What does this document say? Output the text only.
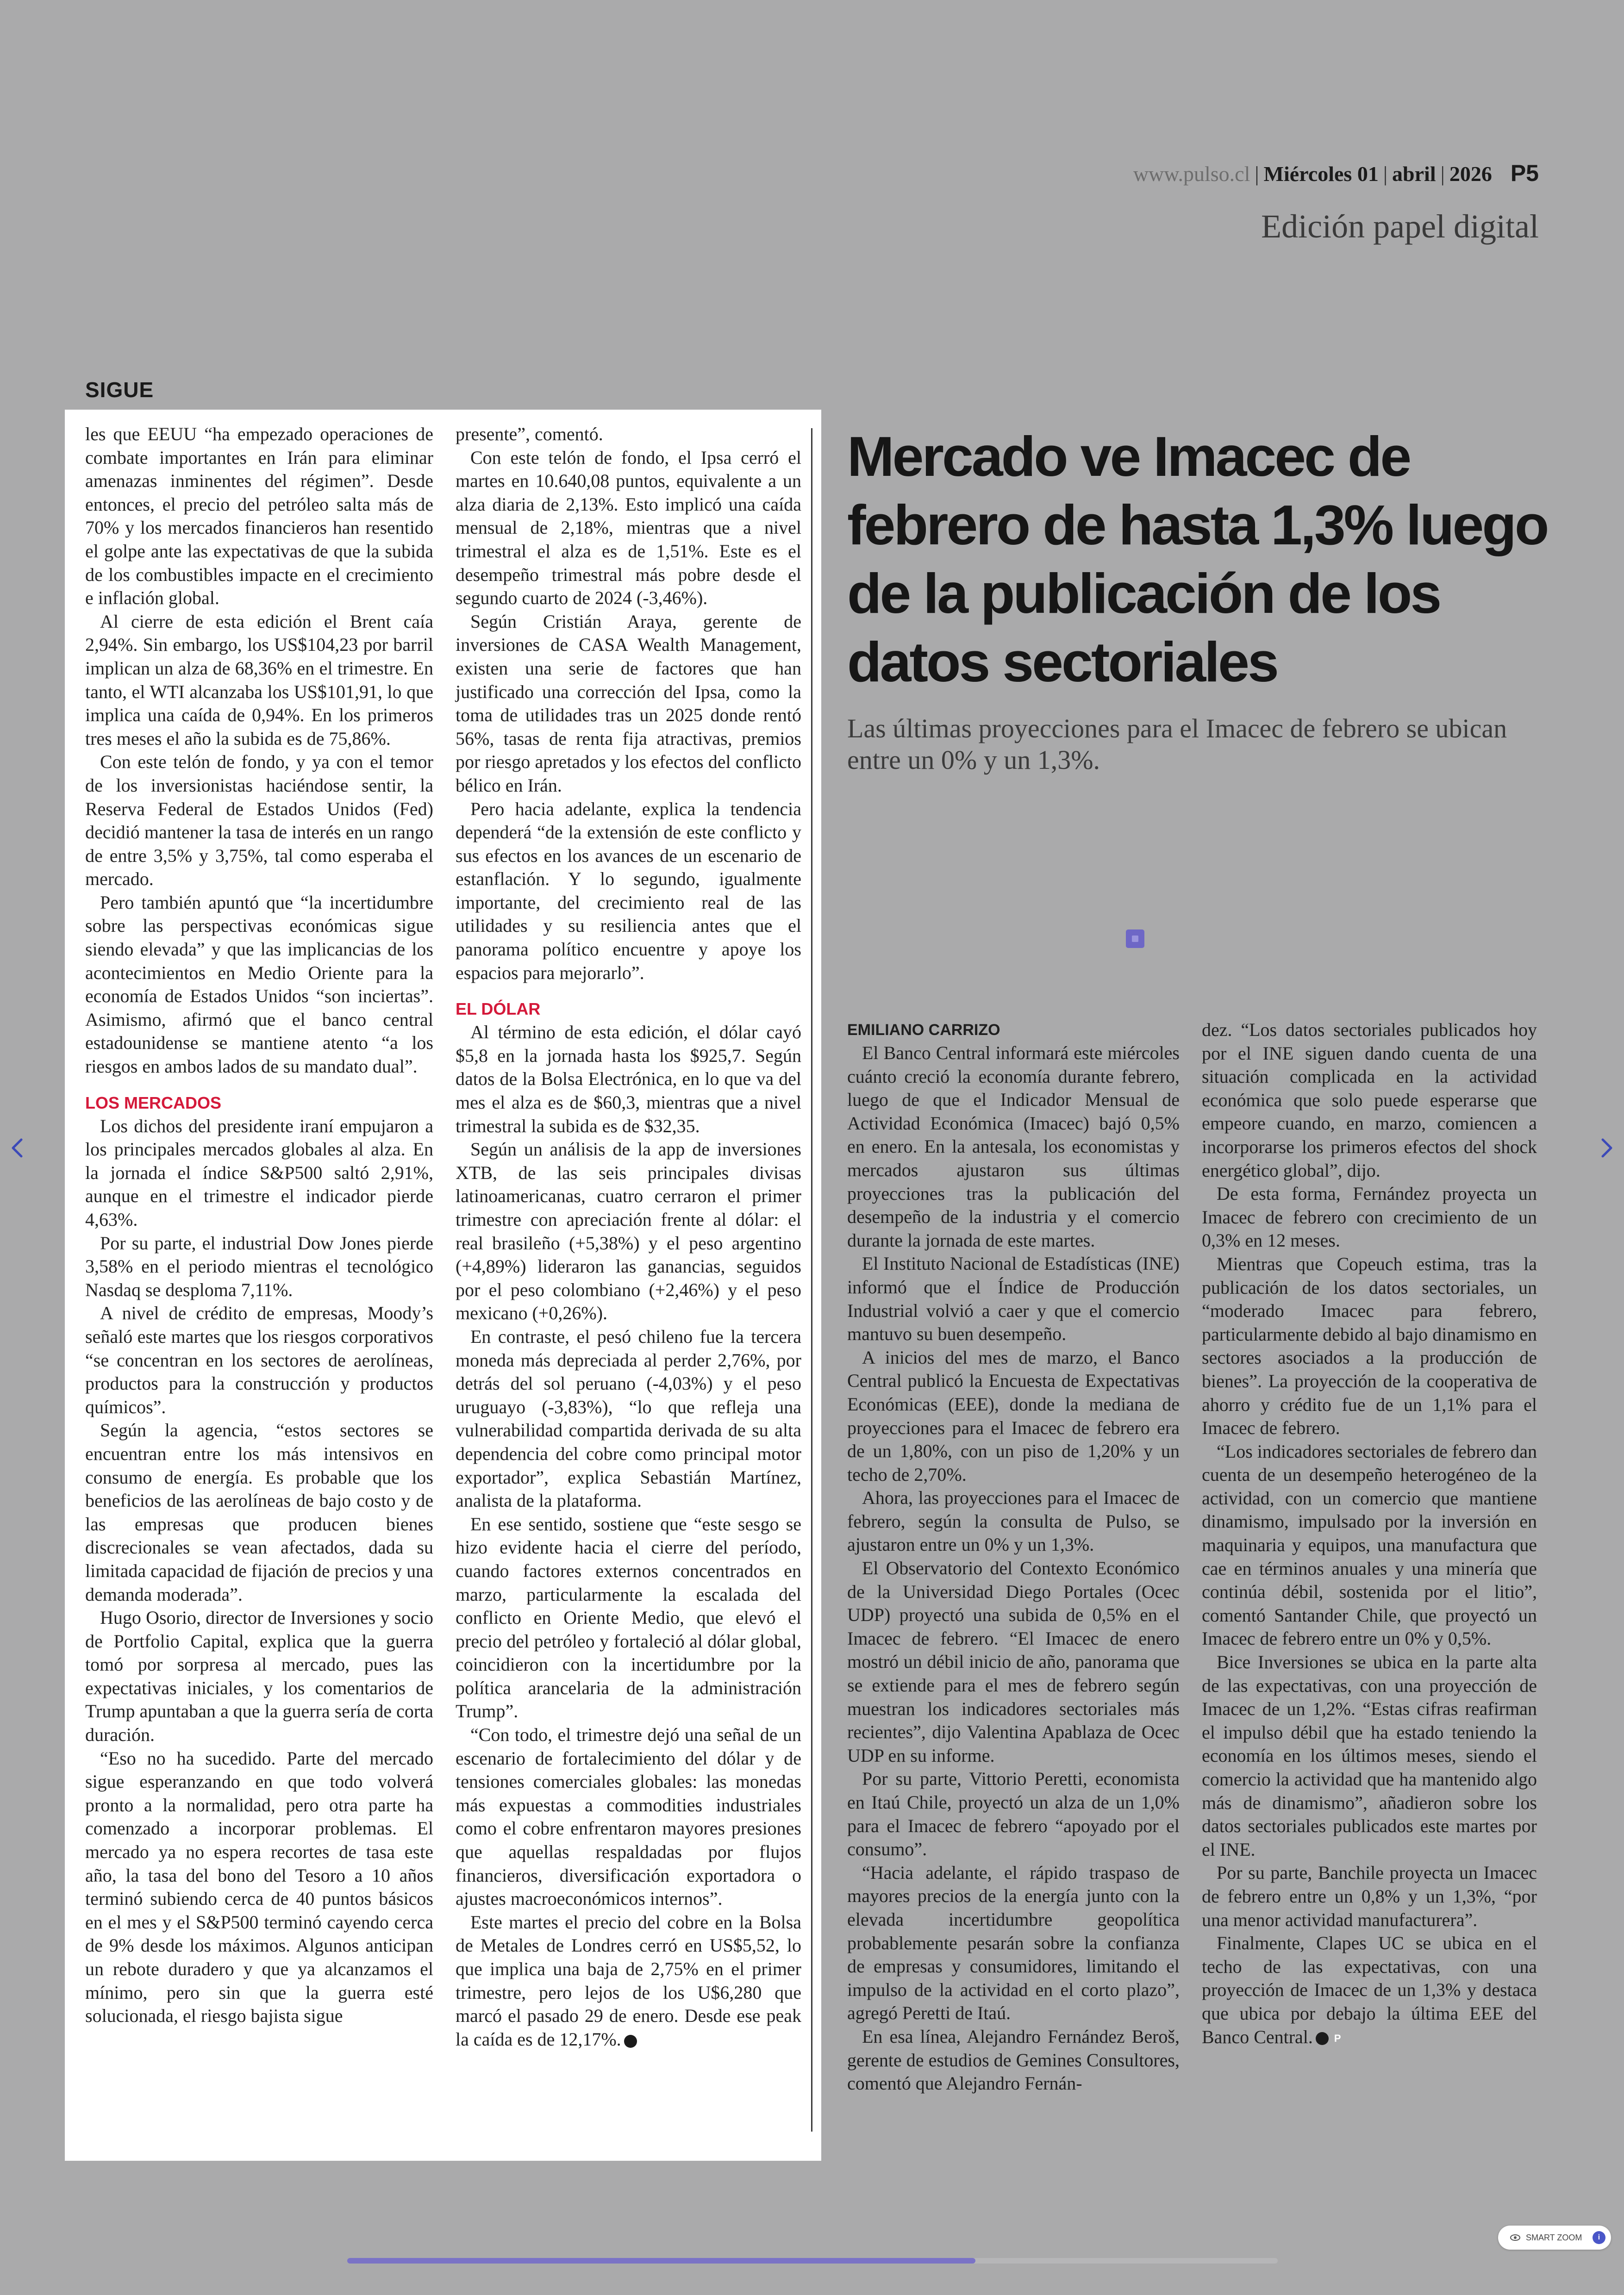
www.pulso.cl | Miércoles 01 | abril | 2026 P5
Edición papel digital
SIGUE

les que EEUU “ha empezado operaciones de combate importantes en Irán para eliminar amenazas inminentes del régimen”. Desde entonces, el precio del petróleo salta más de 70% y los mercados financieros han resentido el golpe ante las expectativas de que la subida de los combustibles impacte en el crecimiento e inflación global.

Al cierre de esta edición el Brent caía 2,94%. Sin embargo, los US$104,23 por barril implican un alza de 68,36% en el trimestre. En tanto, el WTI alcanzaba los US$101,91, lo que implica una caída de 0,94%. En los primeros tres meses el año la subida es de 75,86%.

Con este telón de fondo, y ya con el temor de los inversionistas haciéndose sentir, la Reserva Federal de Estados Unidos (Fed) decidió mantener la tasa de interés en un rango de entre 3,5% y 3,75%, tal como esperaba el mercado.

Pero también apuntó que “la incertidumbre sobre las perspectivas económicas sigue siendo elevada” y que las implicancias de los acontecimientos en Medio Oriente para la economía de Estados Unidos “son inciertas”. Asimismo, afirmó que el banco central estadounidense se mantiene atento “a los riesgos en ambos lados de su mandato dual”.

LOS MERCADOS

Los dichos del presidente iraní empujaron a los principales mercados globales al alza. En la jornada el índice S&P500 saltó 2,91%, aunque en el trimestre el indicador pierde 4,63%.

Por su parte, el industrial Dow Jones pierde 3,58% en el periodo mientras el tecnológico Nasdaq se desploma 7,11%.

A nivel de crédito de empresas, Moody’s señaló este martes que los riesgos corporativos “se concentran en los sectores de aerolíneas, productos para la construcción y productos químicos”.

Según la agencia, “estos sectores se encuentran entre los más intensivos en consumo de energía. Es probable que los beneficios de las aerolíneas de bajo costo y de las empresas que producen bienes discrecionales se vean afectados, dada su limitada capacidad de fijación de precios y una demanda moderada”.

Hugo Osorio, director de Inversiones y socio de Portfolio Capital, explica que la guerra tomó por sorpresa al mercado, pues las expectativas iniciales, y los comentarios de Trump apuntaban a que la guerra sería de corta duración.

“Eso no ha sucedido. Parte del mercado sigue esperanzando en que todo volverá pronto a la normalidad, pero otra parte ha comenzado a incorporar problemas. El mercado ya no espera recortes de tasa este año, la tasa del bono del Tesoro a 10 años terminó subiendo cerca de 40 puntos básicos en el mes y el S&P500 terminó cayendo cerca de 9% desde los máximos. Algunos anticipan un rebote duradero y que ya alcanzamos el mínimo, pero sin que la guerra esté solucionada, el riesgo bajista sigue

presente”, comentó.

Con este telón de fondo, el Ipsa cerró el martes en 10.640,08 puntos, equivalente a un alza diaria de 2,13%. Esto implicó una caída mensual de 2,18%, mientras que a nivel trimestral el alza es de 1,51%. Este es el desempeño trimestral más pobre desde el segundo cuarto de 2024 (-3,46%).

Según Cristián Araya, gerente de inversiones de CASA Wealth Management, existen una serie de factores que han justificado una corrección del Ipsa, como la toma de utilidades tras un 2025 donde rentó 56%, tasas de renta fija atractivas, premios por riesgo apretados y los efectos del conflicto bélico en Irán.

Pero hacia adelante, explica la tendencia dependerá “de la extensión de este conflicto y sus efectos en los avances de un escenario de estanflación. Y lo segundo, igualmente importante, del crecimiento real de las utilidades y su resiliencia antes que el panorama político encuentre y apoye los espacios para mejorarlo”.

EL DÓLAR

Al término de esta edición, el dólar cayó $5,8 en la jornada hasta los $925,7. Según datos de la Bolsa Electrónica, en lo que va del mes el alza es de $60,3, mientras que a nivel trimestral la subida es de $32,35.

Según un análisis de la app de inversiones XTB, de las seis principales divisas latinoamericanas, cuatro cerraron el primer trimestre con apreciación frente al dólar: el real brasileño (+5,38%) y el peso argentino (+4,89%) lideraron las ganancias, seguidos por el peso colombiano (+2,46%) y el peso mexicano (+0,26%).

En contraste, el pesó chileno fue la tercera moneda más depreciada al perder 2,76%, por detrás del sol peruano (-4,03%) y el peso uruguayo (-3,83%), “lo que refleja una vulnerabilidad compartida derivada de su alta dependencia del cobre como principal motor exportador”, explica Sebastián Martínez, analista de la plataforma.

En ese sentido, sostiene que “este sesgo se hizo evidente hacia el cierre del período, cuando factores externos concentrados en marzo, particularmente la escalada del conflicto en Oriente Medio, que elevó el precio del petróleo y fortaleció al dólar global, coincidieron con la incertidumbre por la política arancelaria de la administración Trump”.

“Con todo, el trimestre dejó una señal de un escenario de fortalecimiento del dólar y de tensiones comerciales globales: las monedas más expuestas a commodities industriales como el cobre enfrentaron mayores presiones que aquellas respaldadas por flujos financieros, diversificación exportadora o ajustes macroeconómicos internos”.

Este martes el precio del cobre en la Bolsa de Metales de Londres cerró en US$5,52, lo que implica una baja de 2,75% en el primer trimestre, pero lejos de los U$6,280 que marcó el pasado 29 de enero. Desde ese peak la caída es de 12,17%.P

Mercado ve Imacec de febrero de hasta 1,3% luego de la publicación de los datos sectoriales
Las últimas proyecciones para el Imacec de febrero se ubican entre un 0% y un 1,3%.
EMILIANO CARRIZO

El Banco Central informará este miércoles cuánto creció la economía durante febrero, luego de que el Indicador Mensual de Actividad Económica (Imacec) bajó 0,5% en enero. En la antesala, los economistas y mercados ajustaron sus últimas proyecciones tras la publicación del desempeño de la industria y el comercio durante la jornada de este martes.

El Instituto Nacional de Estadísticas (INE) informó que el Índice de Producción Industrial volvió a caer y que el comercio mantuvo su buen desempeño.

A inicios del mes de marzo, el Banco Central publicó la Encuesta de Expectativas Económicas (EEE), donde la mediana de proyecciones para el Imacec de febrero era de un 1,80%, con un piso de 1,20% y un techo de 2,70%.

Ahora, las proyecciones para el Imacec de febrero, según la consulta de Pulso, se ajustaron entre un 0% y un 1,3%.

El Observatorio del Contexto Económico de la Universidad Diego Portales (Ocec UDP) proyectó una subida de 0,5% en el Imacec de febrero. “El Imacec de enero mostró un débil inicio de año, panorama que se extiende para el mes de febrero según muestran los indicadores sectoriales más recientes”, dijo Valentina Apablaza de Ocec UDP en su informe.

Por su parte, Vittorio Peretti, economista en Itaú Chile, proyectó un alza de un 1,0% para el Imacec de febrero “apoyado por el consumo”.

“Hacia adelante, el rápido traspaso de mayores precios de la energía junto con la elevada incertidumbre geopolítica probablemente pesarán sobre la confianza de empresas y consumidores, limitando el impulso de la actividad en el corto plazo”, agregó Peretti de Itaú.

En esa línea, Alejandro Fernández Beroš, gerente de estudios de Gemines Consultores, comentó que Alejandro Fernán-

dez. “Los datos sectoriales publicados hoy por el INE siguen dando cuenta de una situación complicada en la actividad económica que solo puede esperarse que empeore cuando, en marzo, comiencen a incorporarse los primeros efectos del shock energético global”, dijo.

De esta forma, Fernández proyecta un Imacec de febrero con crecimiento de un 0,3% en 12 meses.

Mientras que Copeuch estima, tras la publicación de los datos sectoriales, un “moderado Imacec para febrero, particularmente debido al bajo dinamismo en sectores asociados a la producción de bienes”. La proyección de la cooperativa de ahorro y crédito fue de un 1,1% para el Imacec de febrero.

“Los indicadores sectoriales de febrero dan cuenta de un desempeño heterogéneo de la actividad, con un comercio que mantiene dinamismo, impulsado por la inversión en maquinaria y equipos, una manufactura que cae en términos anuales y una minería que continúa débil, sostenida por el litio”, comentó Santander Chile, que proyectó un Imacec de febrero entre un 0% y 0,5%.

Bice Inversiones se ubica en la parte alta de las expectativas, con una proyección de Imacec de un 1,2%. “Estas cifras reafirman el impulso débil que ha estado teniendo la economía en los últimos meses, siendo el comercio la actividad que ha mantenido algo más de dinamismo”, añadieron sobre los datos sectoriales publicados este martes por el INE.

Por su parte, Banchile proyecta un Imacec de febrero entre un 0,8% y un 1,3%, “por una menor actividad manufacturera”.

Finalmente, Clapes UC se ubica en el techo de las expectativas, con una proyección de Imacec de un 1,3% y destaca que ubica por debajo la última EEE del Banco Central.P

SMART ZOOM	i
